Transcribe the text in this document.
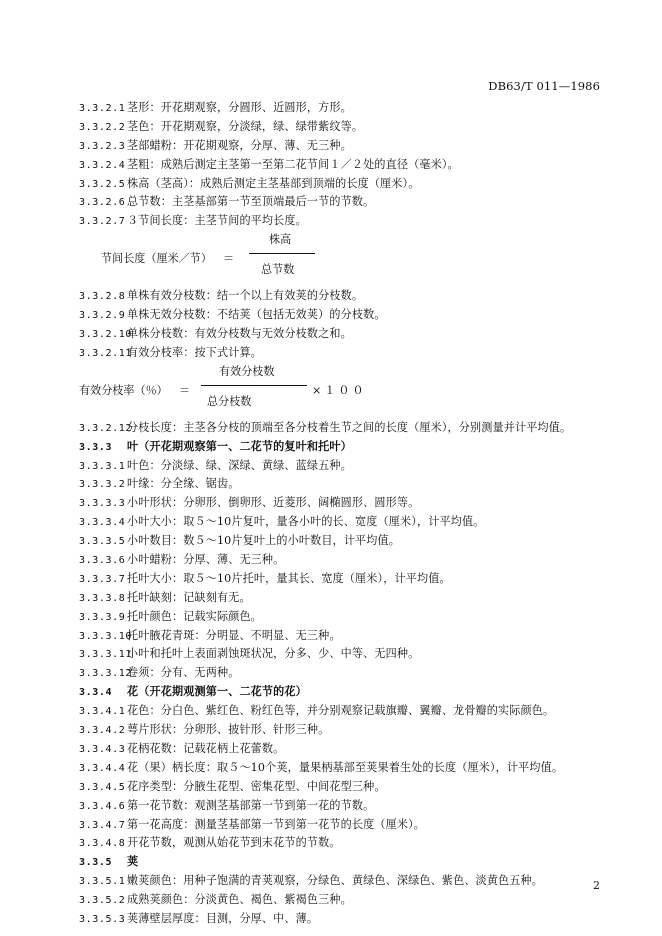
DB63/T 011—1986
3.3.2.1 茎形：开花期观察，分圆形、近圆形，方形。
3.3.2.2 茎色：开花期观察，分淡绿，绿、绿带紫纹等。
3.3.2.3 茎部蜡粉：开花期观察，分厚、薄、无三种。
3.3.2.4 茎粗：成熟后测定主茎第一至第二花节间１／２处的直径（毫米）。
3.3.2.5 株高（茎高）：成熟后测定主茎基部到顶端的长度（厘米）。
3.3.2.6 总节数：主茎基部第一节至顶端最后一节的节数。
3.3.2.7 ３节间长度：主茎节间的平均长度。
节间长度（厘米／节） ＝
株高
总节数
3.3.2.8 单株有效分枝数：结一个以上有效荚的分枝数。
3.3.2.9 单株无效分枝数：不结荚（包括无效荚）的分枝数。
3.3.2.10单株分枝数：有效分枝数与无效分枝数之和。
3.3.2.11有效分枝率：按下式计算。
有效分枝率（％） ＝
有效分枝数
总分枝数
×１００
3.3.2.12分枝长度：主茎各分枝的顶端至各分枝着生节之间的长度（厘米），分别测量并计平均值。
3.3.3 叶（开花期观察第一、二花节的复叶和托叶）
3.3.3.1 叶色：分淡绿、绿、深绿、黄绿、蓝绿五种。
3.3.3.2 叶缘：分全缘、锯齿。
3.3.3.3 小叶形状：分卵形、倒卵形、近菱形、阔椭圆形、圆形等。
3.3.3.4 小叶大小：取５～10片复叶，量各小叶的长、宽度（厘米），计平均值。
3.3.3.5 小叶数目：数５～10片复叶上的小叶数目，计平均值。
3.3.3.6 小叶蜡粉：分厚、薄、无三种。
3.3.3.7 托叶大小：取５～10片托叶，量其长、宽度（厘米），计平均值。
3.3.3.8 托叶缺刻：记缺刻有无。
3.3.3.9 托叶颜色：记载实际颜色。
3.3.3.10托叶腋花青斑：分明显、不明显、无三种。
3.3.3.11小叶和托叶上表面剥蚀斑状况，分多、少、中等、无四种。
3.3.3.12卷须：分有、无两种。
3.3.4 花（开花期观测第一、二花节的花）
3.3.4.1 花色：分白色、紫红色、粉红色等，并分别观察记载旗瓣、翼瓣、龙骨瓣的实际颜色。
3.3.4.2 萼片形状：分卵形、披针形、针形三种。
3.3.4.3 花柄花数：记载花柄上花蕾数。
3.3.4.4 花（果）柄长度：取５～10个荚，量果柄基部至荚果着生处的长度（厘米），计平均值。
3.3.4.5 花序类型：分腋生花型、密集花型、中间花型三种。
3.3.4.6 第一花节数：观测茎基部第一节到第一花的节数。
3.3.4.7 第一花高度：测量茎基部第一节到第一花节的长度（厘米）。
3.3.4.8 开花节数，观测从始花节到末花节的节数。
3.3.5 荚
3.3.5.1 嫩荚颜色：用种子饱满的青荚观察，分绿色、黄绿色、深绿色、紫色、淡黄色五种。
3.3.5.2 成熟荚颜色：分淡黄色、褐色、紫褐色三种。
3.3.5.3 荚薄壁层厚度：目测，分厚、中、薄。
2
